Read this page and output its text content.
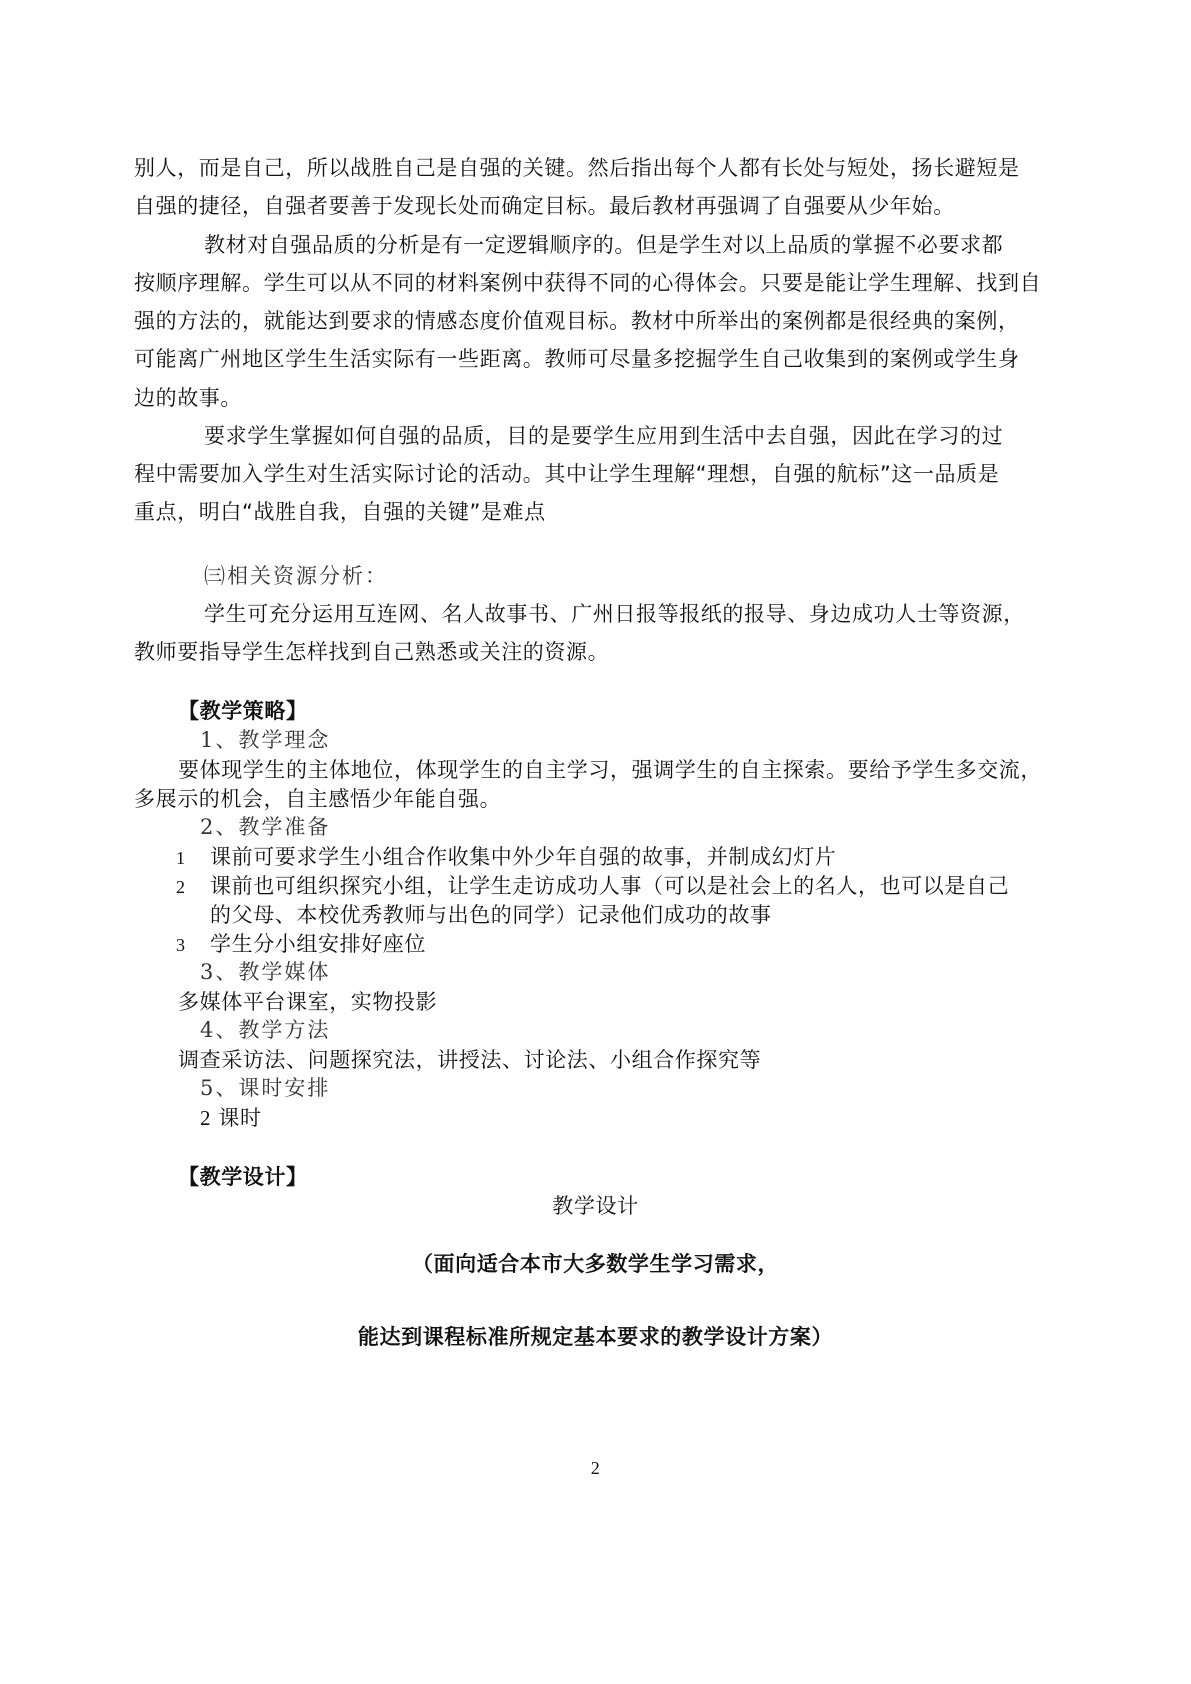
别人，而是自己，所以战胜自己是自强的关键。然后指出每个人都有长处与短处，扬长避短是
自强的捷径，自强者要善于发现长处而确定目标。最后教材再强调了自强要从少年始。
教材对自强品质的分析是有一定逻辑顺序的。但是学生对以上品质的掌握不必要求都
按顺序理解。学生可以从不同的材料案例中获得不同的心得体会。只要是能让学生理解、找到自
强的方法的，就能达到要求的情感态度价值观目标。教材中所举出的案例都是很经典的案例，
可能离广州地区学生生活实际有一些距离。教师可尽量多挖掘学生自己收集到的案例或学生身
边的故事。
要求学生掌握如何自强的品质，目的是要学生应用到生活中去自强，因此在学习的过
程中需要加入学生对生活实际讨论的活动。其中让学生理解“理想，自强的航标”这一品质是
重点，明白“战胜自我，自强的关键”是难点
㈢相关资源分析：
学生可充分运用互连网、名人故事书、广州日报等报纸的报导、身边成功人士等资源，
教师要指导学生怎样找到自己熟悉或关注的资源。
【教学策略】
1、教学理念
要体现学生的主体地位，体现学生的自主学习，强调学生的自主探索。要给予学生多交流，
多展示的机会，自主感悟少年能自强。
2、教学准备
1 课前可要求学生小组合作收集中外少年自强的故事，并制成幻灯片
2 课前也可组织探究小组，让学生走访成功人事（可以是社会上的名人，也可以是自己
的父母、本校优秀教师与出色的同学）记录他们成功的故事
3 学生分小组安排好座位
3、教学媒体
多媒体平台课室，实物投影
4、教学方法
调查采访法、问题探究法，讲授法、讨论法、小组合作探究等
5、课时安排
2 课时
【教学设计】
教学设计
（面向适合本市大多数学生学习需求，
能达到课程标准所规定基本要求的教学设计方案）
2
